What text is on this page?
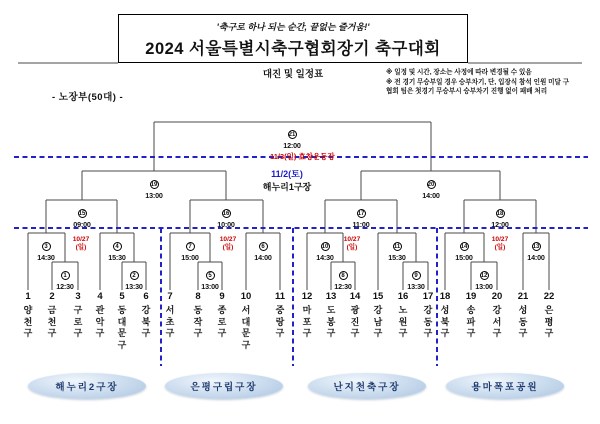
'축구로 하나 되는 순간, 끝없는 즐거움!'
2024 서울특별시축구협회장기 축구대회
대진 및 일정표	※ 일정 및 시간, 장소는 사정에 따라 변경될 수 있음
※ 전 경기 무승부일 경우 승부차기, 단, 입장식 참석 인원 미달 구
협회 팀은 첫경기 무승부시 승부차기 진행 없이 패배 처리
- 노장부(50대) -
21
12:00
11/3(일) 효창운동장
11/2(토)
해누리1구장
1
12:30
2
13:30
3
14:30
4
15:30
5
13:00
6
14:00
7
15:00
8
12:30
9
13:30
10
14:30
11
15:30
12
13:00
13
14:00
14
15:00
15
09:00
16
10:00
17
11:00
18
12:00
19
13:00
20
14:00
10/27
(일)
10/27
(일)
10/27
(일)
10/27
(일)
1
양
천
구
2
금
천
구
3
구
로
구
4
관
악
구
5
동
대
문
구
6
강
북
구
7
서
초
구
8
동
작
구
9
종
로
구
10
서
대
문
구
11
중
랑
구
12
마
포
구
13
도
봉
구
14
광
진
구
15
강
남
구
16
노
원
구
17
강
동
구
18
성
북
구
19
송
파
구
20
강
서
구
21
성
동
구
22
은
평
구
해누리2구장	은평구립구장	난지천축구장	용마폭포공원
